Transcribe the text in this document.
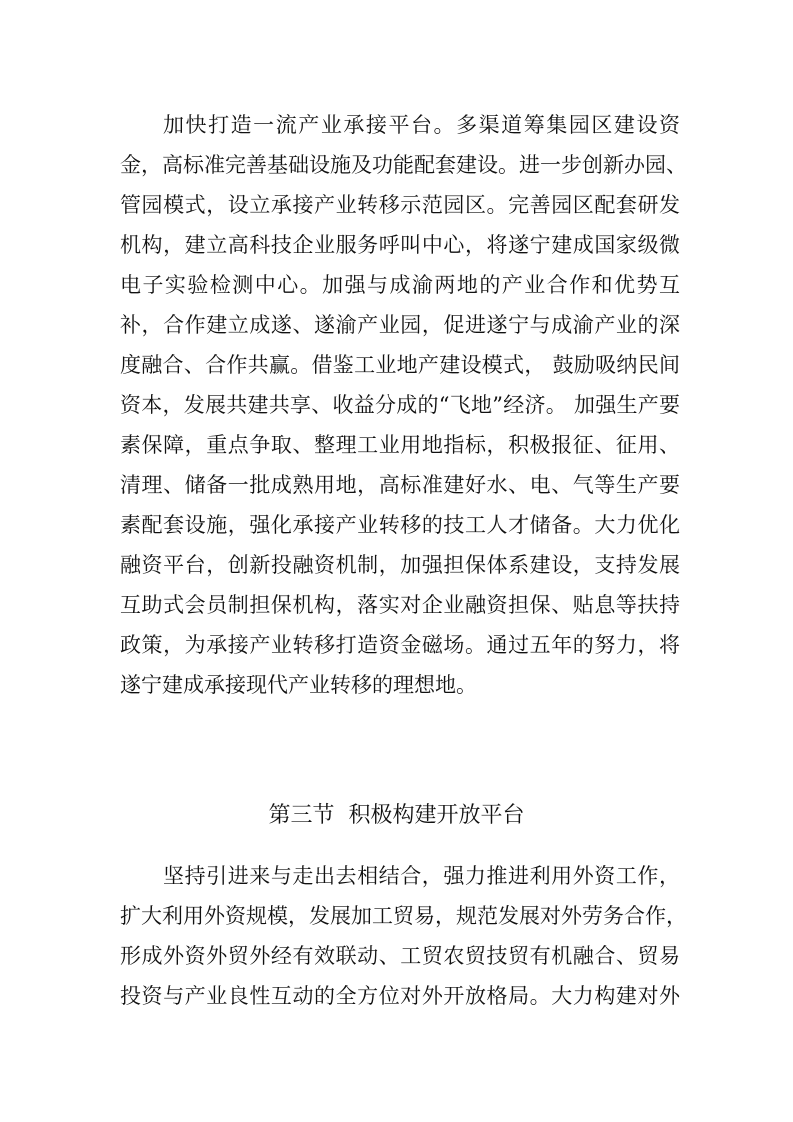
加快打造一流产业承接平台。多渠道筹集园区建设资
金，高标准完善基础设施及功能配套建设。进一步创新办园、
管园模式，设立承接产业转移示范园区。完善园区配套研发
机构，建立高科技企业服务呼叫中心，将遂宁建成国家级微
电子实验检测中心。加强与成渝两地的产业合作和优势互
补，合作建立成遂、遂渝产业园，促进遂宁与成渝产业的深
度融合、合作共赢。借鉴工业地产建设模式， 鼓励吸纳民间
资本，发展共建共享、收益分成的“飞地”经济。 加强生产要
素保障，重点争取、整理工业用地指标，积极报征、征用、
清理、储备一批成熟用地，高标准建好水、电、气等生产要
素配套设施，强化承接产业转移的技工人才储备。大力优化
融资平台，创新投融资机制，加强担保体系建设，支持发展
互助式会员制担保机构，落实对企业融资担保、贴息等扶持
政策，为承接产业转移打造资金磁场。通过五年的努力，将
遂宁建成承接现代产业转移的理想地。
第三节  积极构建开放平台
坚持引进来与走出去相结合，强力推进利用外资工作，
扩大利用外资规模，发展加工贸易，规范发展对外劳务合作，
形成外资外贸外经有效联动、工贸农贸技贸有机融合、贸易
投资与产业良性互动的全方位对外开放格局。大力构建对外
